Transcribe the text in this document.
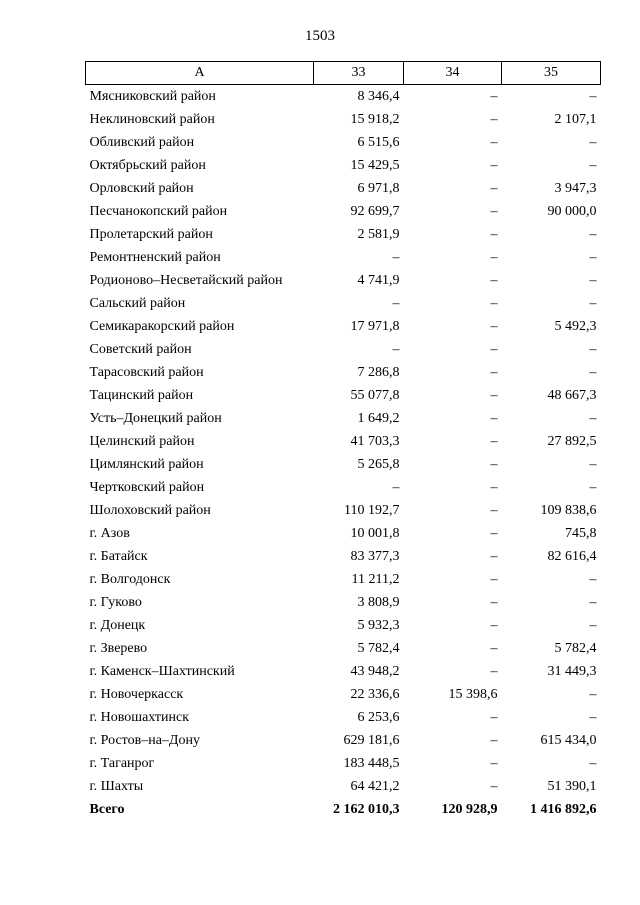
1503
А	33	34	35
Мясниковский район	8 346,4	–	–
Неклиновский район	15 918,2	–	2 107,1
Обливский район	6 515,6	–	–
Октябрьский район	15 429,5	–	–
Орловский район	6 971,8	–	3 947,3
Песчанокопский район	92 699,7	–	90 000,0
Пролетарский район	2 581,9	–	–
Ремонтненский район	–	–	–
Родионово–Несветайский район	4 741,9	–	–
Сальский район	–	–	–
Семикаракорский район	17 971,8	–	5 492,3
Советский район	–	–	–
Тарасовский район	7 286,8	–	–
Тацинский район	55 077,8	–	48 667,3
Усть–Донецкий район	1 649,2	–	–
Целинский район	41 703,3	–	27 892,5
Цимлянский район	5 265,8	–	–
Чертковский район	–	–	–
Шолоховский район	110 192,7	–	109 838,6
г. Азов	10 001,8	–	745,8
г. Батайск	83 377,3	–	82 616,4
г. Волгодонск	11 211,2	–	–
г. Гуково	3 808,9	–	–
г. Донецк	5 932,3	–	–
г. Зверево	5 782,4	–	5 782,4
г. Каменск–Шахтинский	43 948,2	–	31 449,3
г. Новочеркасск	22 336,6	15 398,6	–
г. Новошахтинск	6 253,6	–	–
г. Ростов–на–Дону	629 181,6	–	615 434,0
г. Таганрог	183 448,5	–	–
г. Шахты	64 421,2	–	51 390,1
Всего	2 162 010,3	120 928,9	1 416 892,6
